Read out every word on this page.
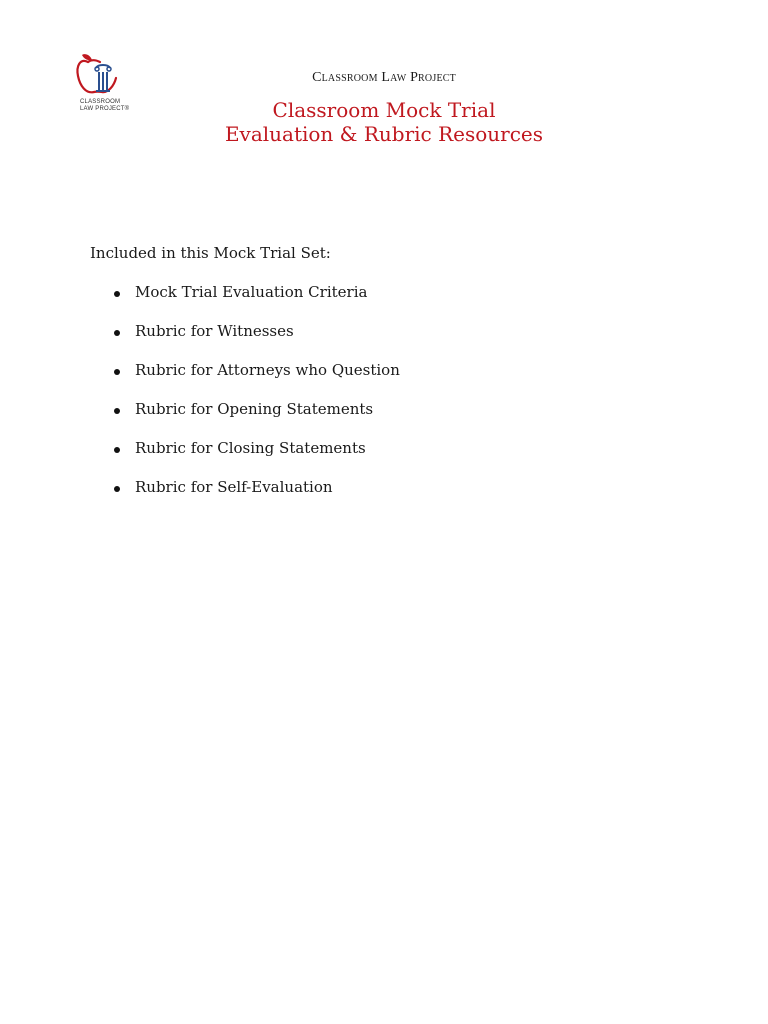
CLASSROOM
LAW PROJECT®
Classroom Law Project
Classroom Mock Trial
Evaluation & Rubric Resources
Included in this Mock Trial Set:
Mock Trial Evaluation Criteria
Rubric for Witnesses
Rubric for Attorneys who Question
Rubric for Opening Statements
Rubric for Closing Statements
Rubric for Self-Evaluation
